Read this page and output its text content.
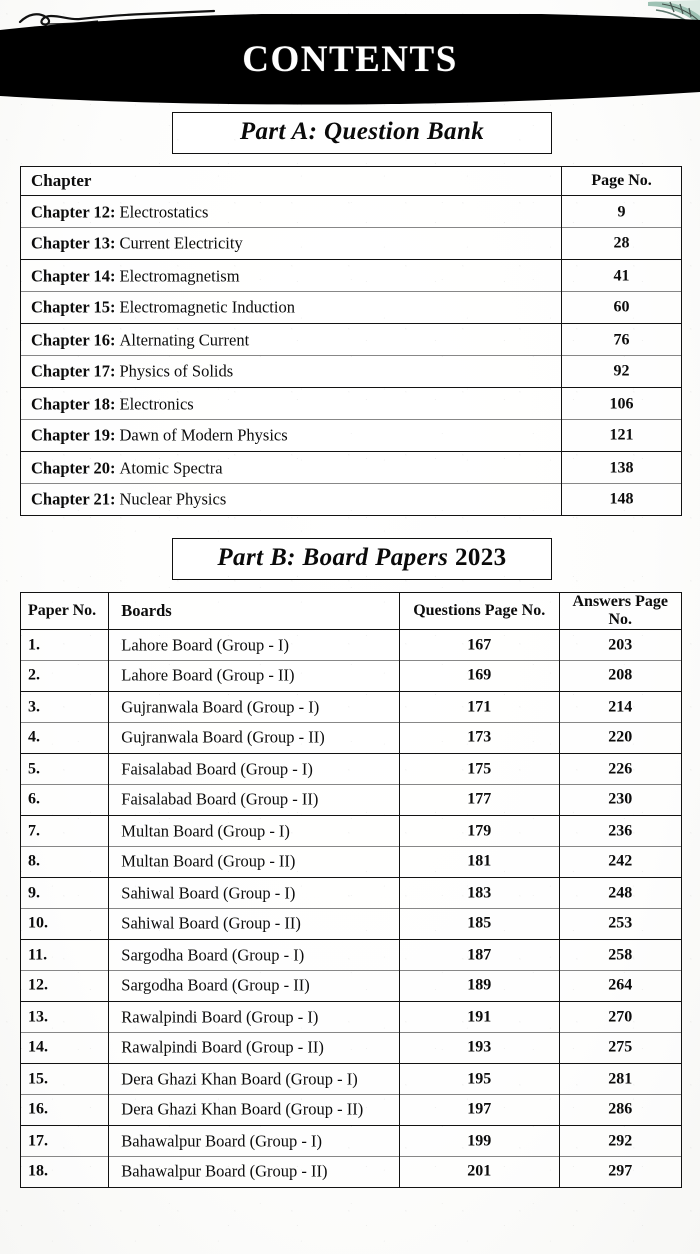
CONTENTS
Part A: Question Bank
Chapter	Page No.
Chapter 12: Electrostatics	9
Chapter 13: Current Electricity	28
Chapter 14: Electromagnetism	41
Chapter 15: Electromagnetic Induction	60
Chapter 16: Alternating Current	76
Chapter 17: Physics of Solids	92
Chapter 18: Electronics	106
Chapter 19: Dawn of Modern Physics	121
Chapter 20: Atomic Spectra	138
Chapter 21: Nuclear Physics	148
Part B: Board Papers 2023
Paper No.	Boards	Questions Page No.	Answers Page No.
1.	Lahore Board (Group - I)	167	203
2.	Lahore Board (Group - II)	169	208
3.	Gujranwala Board (Group - I)	171	214
4.	Gujranwala Board (Group - II)	173	220
5.	Faisalabad Board (Group - I)	175	226
6.	Faisalabad Board (Group - II)	177	230
7.	Multan Board (Group - I)	179	236
8.	Multan Board (Group - II)	181	242
9.	Sahiwal Board (Group - I)	183	248
10.	Sahiwal Board (Group - II)	185	253
11.	Sargodha Board (Group - I)	187	258
12.	Sargodha Board (Group - II)	189	264
13.	Rawalpindi Board (Group - I)	191	270
14.	Rawalpindi Board (Group - II)	193	275
15.	Dera Ghazi Khan Board (Group - I)	195	281
16.	Dera Ghazi Khan Board (Group - II)	197	286
17.	Bahawalpur Board (Group - I)	199	292
18.	Bahawalpur Board (Group - II)	201	297
